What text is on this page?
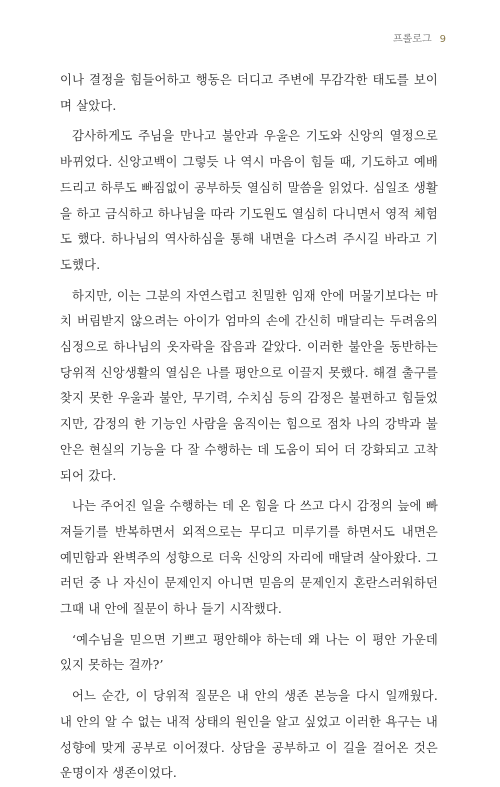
프롤로그 9

이나 결정을 힘들어하고 행동은 더디고 주변에 무감각한 태도를 보이며 살았다.

감사하게도 주님을 만나고 불안과 우울은 기도와 신앙의 열정으로 바뀌었다. 신앙고백이 그렇듯 나 역시 마음이 힘들 때, 기도하고 예배드리고 하루도 빠짐없이 공부하듯 열심히 말씀을 읽었다. 심일조 생활을 하고 금식하고 하나님을 따라 기도원도 열심히 다니면서 영적 체험도 했다. 하나님의 역사하심을 통해 내면을 다스려 주시길 바라고 기도했다.

하지만, 이는 그분의 자연스럽고 친밀한 임재 안에 머물기보다는 마치 버림받지 않으려는 아이가 엄마의 손에 간신히 매달리는 두려움의 심정으로 하나님의 옷자락을 잡음과 같았다. 이러한 불안을 동반하는 당위적 신앙생활의 열심은 나를 평안으로 이끌지 못했다. 해결 출구를 찾지 못한 우울과 불안, 무기력, 수치심 등의 감정은 불편하고 힘들었지만, 감정의 한 기능인 사람을 움직이는 힘으로 점차 나의 강박과 불안은 현실의 기능을 다 잘 수행하는 데 도움이 되어 더 강화되고 고착되어 갔다.

나는 주어진 일을 수행하는 데 온 힘을 다 쓰고 다시 감정의 늪에 빠져들기를 반복하면서 외적으로는 무디고 미루기를 하면서도 내면은 예민함과 완벽주의 성향으로 더욱 신앙의 자리에 매달려 살아왔다. 그러던 중 나 자신이 문제인지 아니면 믿음의 문제인지 혼란스러워하던 그때 내 안에 질문이 하나 들기 시작했다.

‘예수님을 믿으면 기쁘고 평안해야 하는데 왜 나는 이 평안 가운데 있지 못하는 걸까?’

어느 순간, 이 당위적 질문은 내 안의 생존 본능을 다시 일깨웠다. 내 안의 알 수 없는 내적 상태의 원인을 알고 싶었고 이러한 욕구는 내 성향에 맞게 공부로 이어졌다. 상담을 공부하고 이 길을 걸어온 것은 운명이자 생존이었다.
